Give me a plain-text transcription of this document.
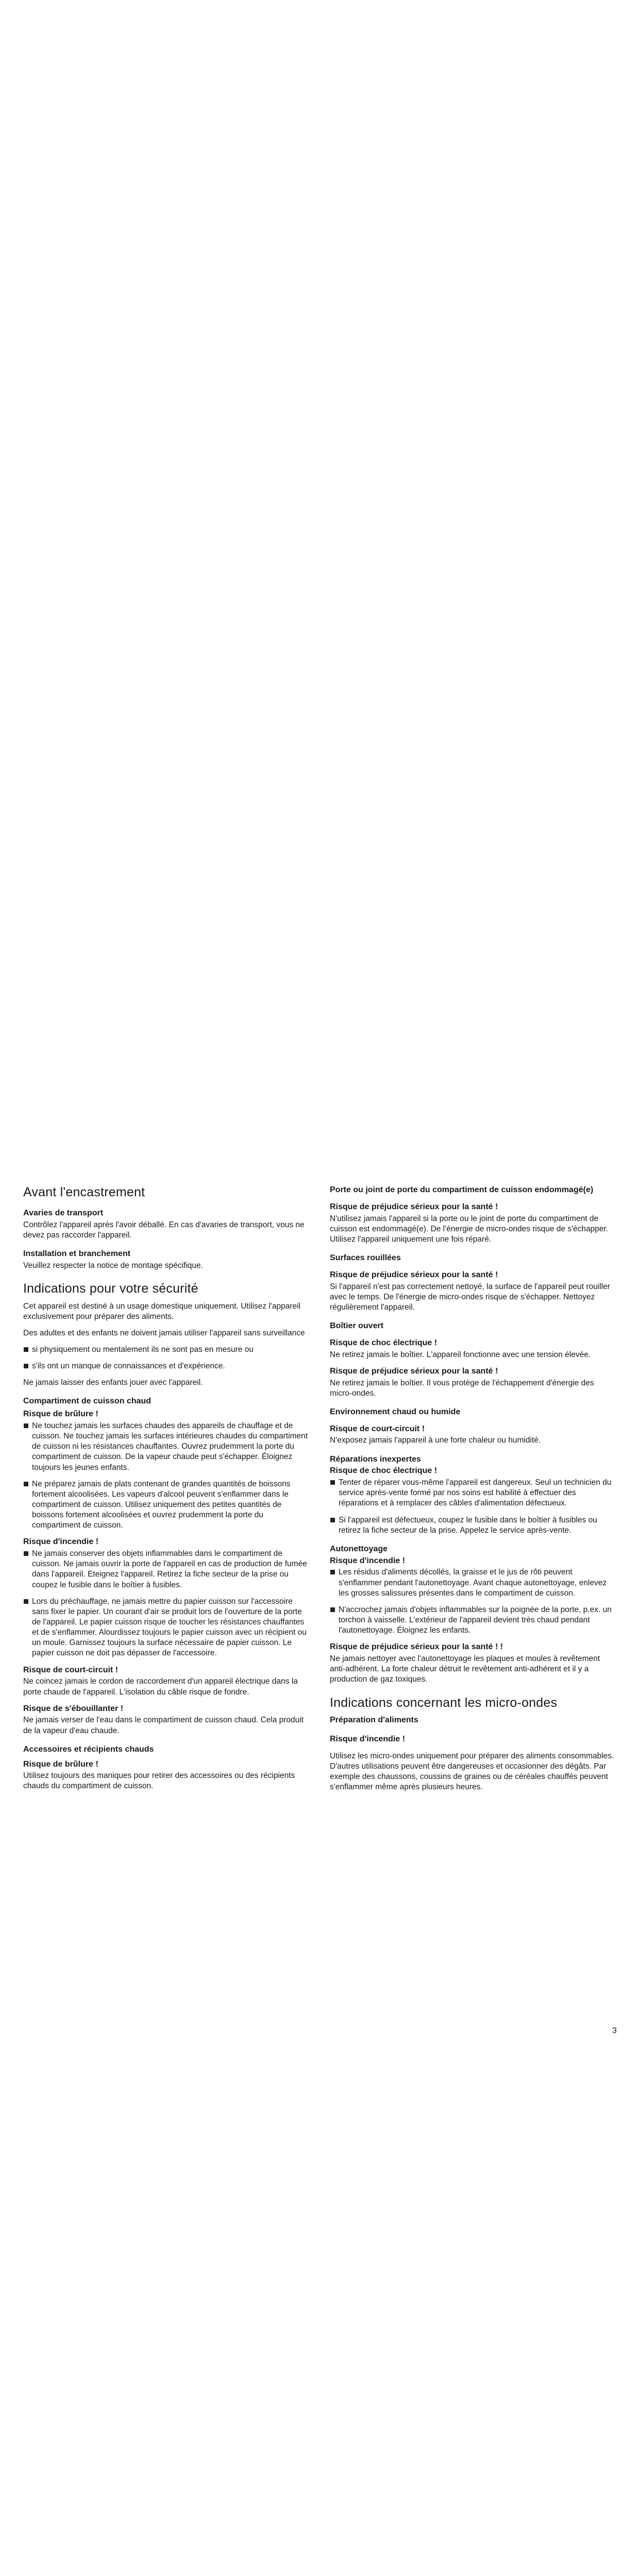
Avant l'encastrement
Avaries de transport

Contrôlez l'appareil après l'avoir déballé. En cas d'avaries de transport, vous ne devez pas raccorder l'appareil.

Installation et branchement

Veuillez respecter la notice de montage spécifique.

Indications pour votre sécurité

Cet appareil est destiné à un usage domestique uniquement. Utilisez l'appareil exclusivement pour préparer des aliments.

Des adultes et des enfants ne doivent jamais utiliser l'appareil sans surveillance

si physiquement ou mentalement ils ne sont pas en mesure ou
s'ils ont un manque de connaissances et d'expérience.

Ne jamais laisser des enfants jouer avec l'appareil.

Compartiment de cuisson chaud
Risque de brûlure !
Ne touchez jamais les surfaces chaudes des appareils de chauffage et de cuisson. Ne touchez jamais les surfaces intérieures chaudes du compartiment de cuisson ni les résistances chauffantes. Ouvrez prudemment la porte du compartiment de cuisson. De la vapeur chaude peut s'échapper. Éloignez toujours les jeunes enfants.
Ne préparez jamais de plats contenant de grandes quantités de boissons fortement alcoolisées. Les vapeurs d'alcool peuvent s'enflammer dans le compartiment de cuisson. Utilisez uniquement des petites quantités de boissons fortement alcoolisées et ouvrez prudemment la porte du compartiment de cuisson.
Risque d'incendie !
Ne jamais conserver des objets inflammables dans le compartiment de cuisson. Ne jamais ouvrir la porte de l'appareil en cas de production de fumée dans l'appareil. Eteignez l'appareil. Retirez la fiche secteur de la prise ou coupez le fusible dans le boîtier à fusibles.
Lors du préchauffage, ne jamais mettre du papier cuisson sur l'accessoire sans fixer le papier. Un courant d'air se produit lors de l'ouverture de la porte de l'appareil. Le papier cuisson risque de toucher les résistances chauffantes et de s'enflammer. Alourdissez toujours le papier cuisson avec un récipient ou un moule. Garnissez toujours la surface nécessaire de papier cuisson. Le papier cuisson ne doit pas dépasser de l'accessoire.
Risque de court-circuit !

Ne coincez jamais le cordon de raccordement d'un appareil électrique dans la porte chaude de l'appareil. L'isolation du câble risque de fondre.

Risque de s'ébouillanter !

Ne jamais verser de l'eau dans le compartiment de cuisson chaud. Cela produit de la vapeur d'eau chaude.

Accessoires et récipients chauds
Risque de brûlure !

Utilisez toujours des maniques pour retirer des accessoires ou des récipients chauds du compartiment de cuisson.

Porte ou joint de porte du compartiment de cuisson endommagé(e)
Risque de préjudice sérieux pour la santé !

N'utilisez jamais l'appareil si la porte ou le joint de porte du compartiment de cuisson est endommagé(e). De l'énergie de micro-ondes risque de s'échapper. Utilisez l'appareil uniquement une fois réparé.

Surfaces rouillées
Risque de préjudice sérieux pour la santé !

Si l'appareil n'est pas correctement nettoyé, la surface de l'appareil peut rouiller avec le temps. De l'énergie de micro-ondes risque de s'échapper. Nettoyez régulièrement l'appareil.

Boîtier ouvert
Risque de choc électrique !

Ne retirez jamais le boîtier. L'appareil fonctionne avec une tension élevée.

Risque de préjudice sérieux pour la santé !

Ne retirez jamais le boîtier. Il vous protège de l'échappement d'énergie des micro-ondes.

Environnement chaud ou humide
Risque de court-circuit !

N'exposez jamais l'appareil à une forte chaleur ou humidité.

Réparations inexpertes
Risque de choc électrique !
Tenter de réparer vous-même l'appareil est dangereux. Seul un technicien du service après-vente formé par nos soins est habilité à effectuer des réparations et à remplacer des câbles d'alimentation défectueux.
Si l'appareil est défectueux, coupez le fusible dans le boîtier à fusibles ou retirez la fiche secteur de la prise. Appelez le service après-vente.
Autonettoyage
Risque d'incendie !
Les résidus d'aliments décollés, la graisse et le jus de rôti peuvent s'enflammer pendant l'autonettoyage. Avant chaque autonettoyage, enlevez les grosses salissures présentes dans le compartiment de cuisson.
N'accrochez jamais d'objets inflammables sur la poignée de la porte, p.ex. un torchon à vaisselle. L'extérieur de l'appareil devient très chaud pendant l'autonettoyage. Éloignez les enfants.
Risque de préjudice sérieux pour la santé ! !

Ne jamais nettoyer avec l'autonettoyage les plaques et moules à revêtement anti-adhérent. La forte chaleur détruit le revêtement anti-adhérent et il y a production de gaz toxiques.

Indications concernant les micro-ondes
Préparation d'aliments
Risque d'incendie !

Utilisez les micro-ondes uniquement pour préparer des aliments consommables. D'autres utilisations peuvent être dangereuses et occasionner des dégâts. Par exemple des chaussons, coussins de graines ou de céréales chauffés peuvent s'enflammer même après plusieurs heures.

3
